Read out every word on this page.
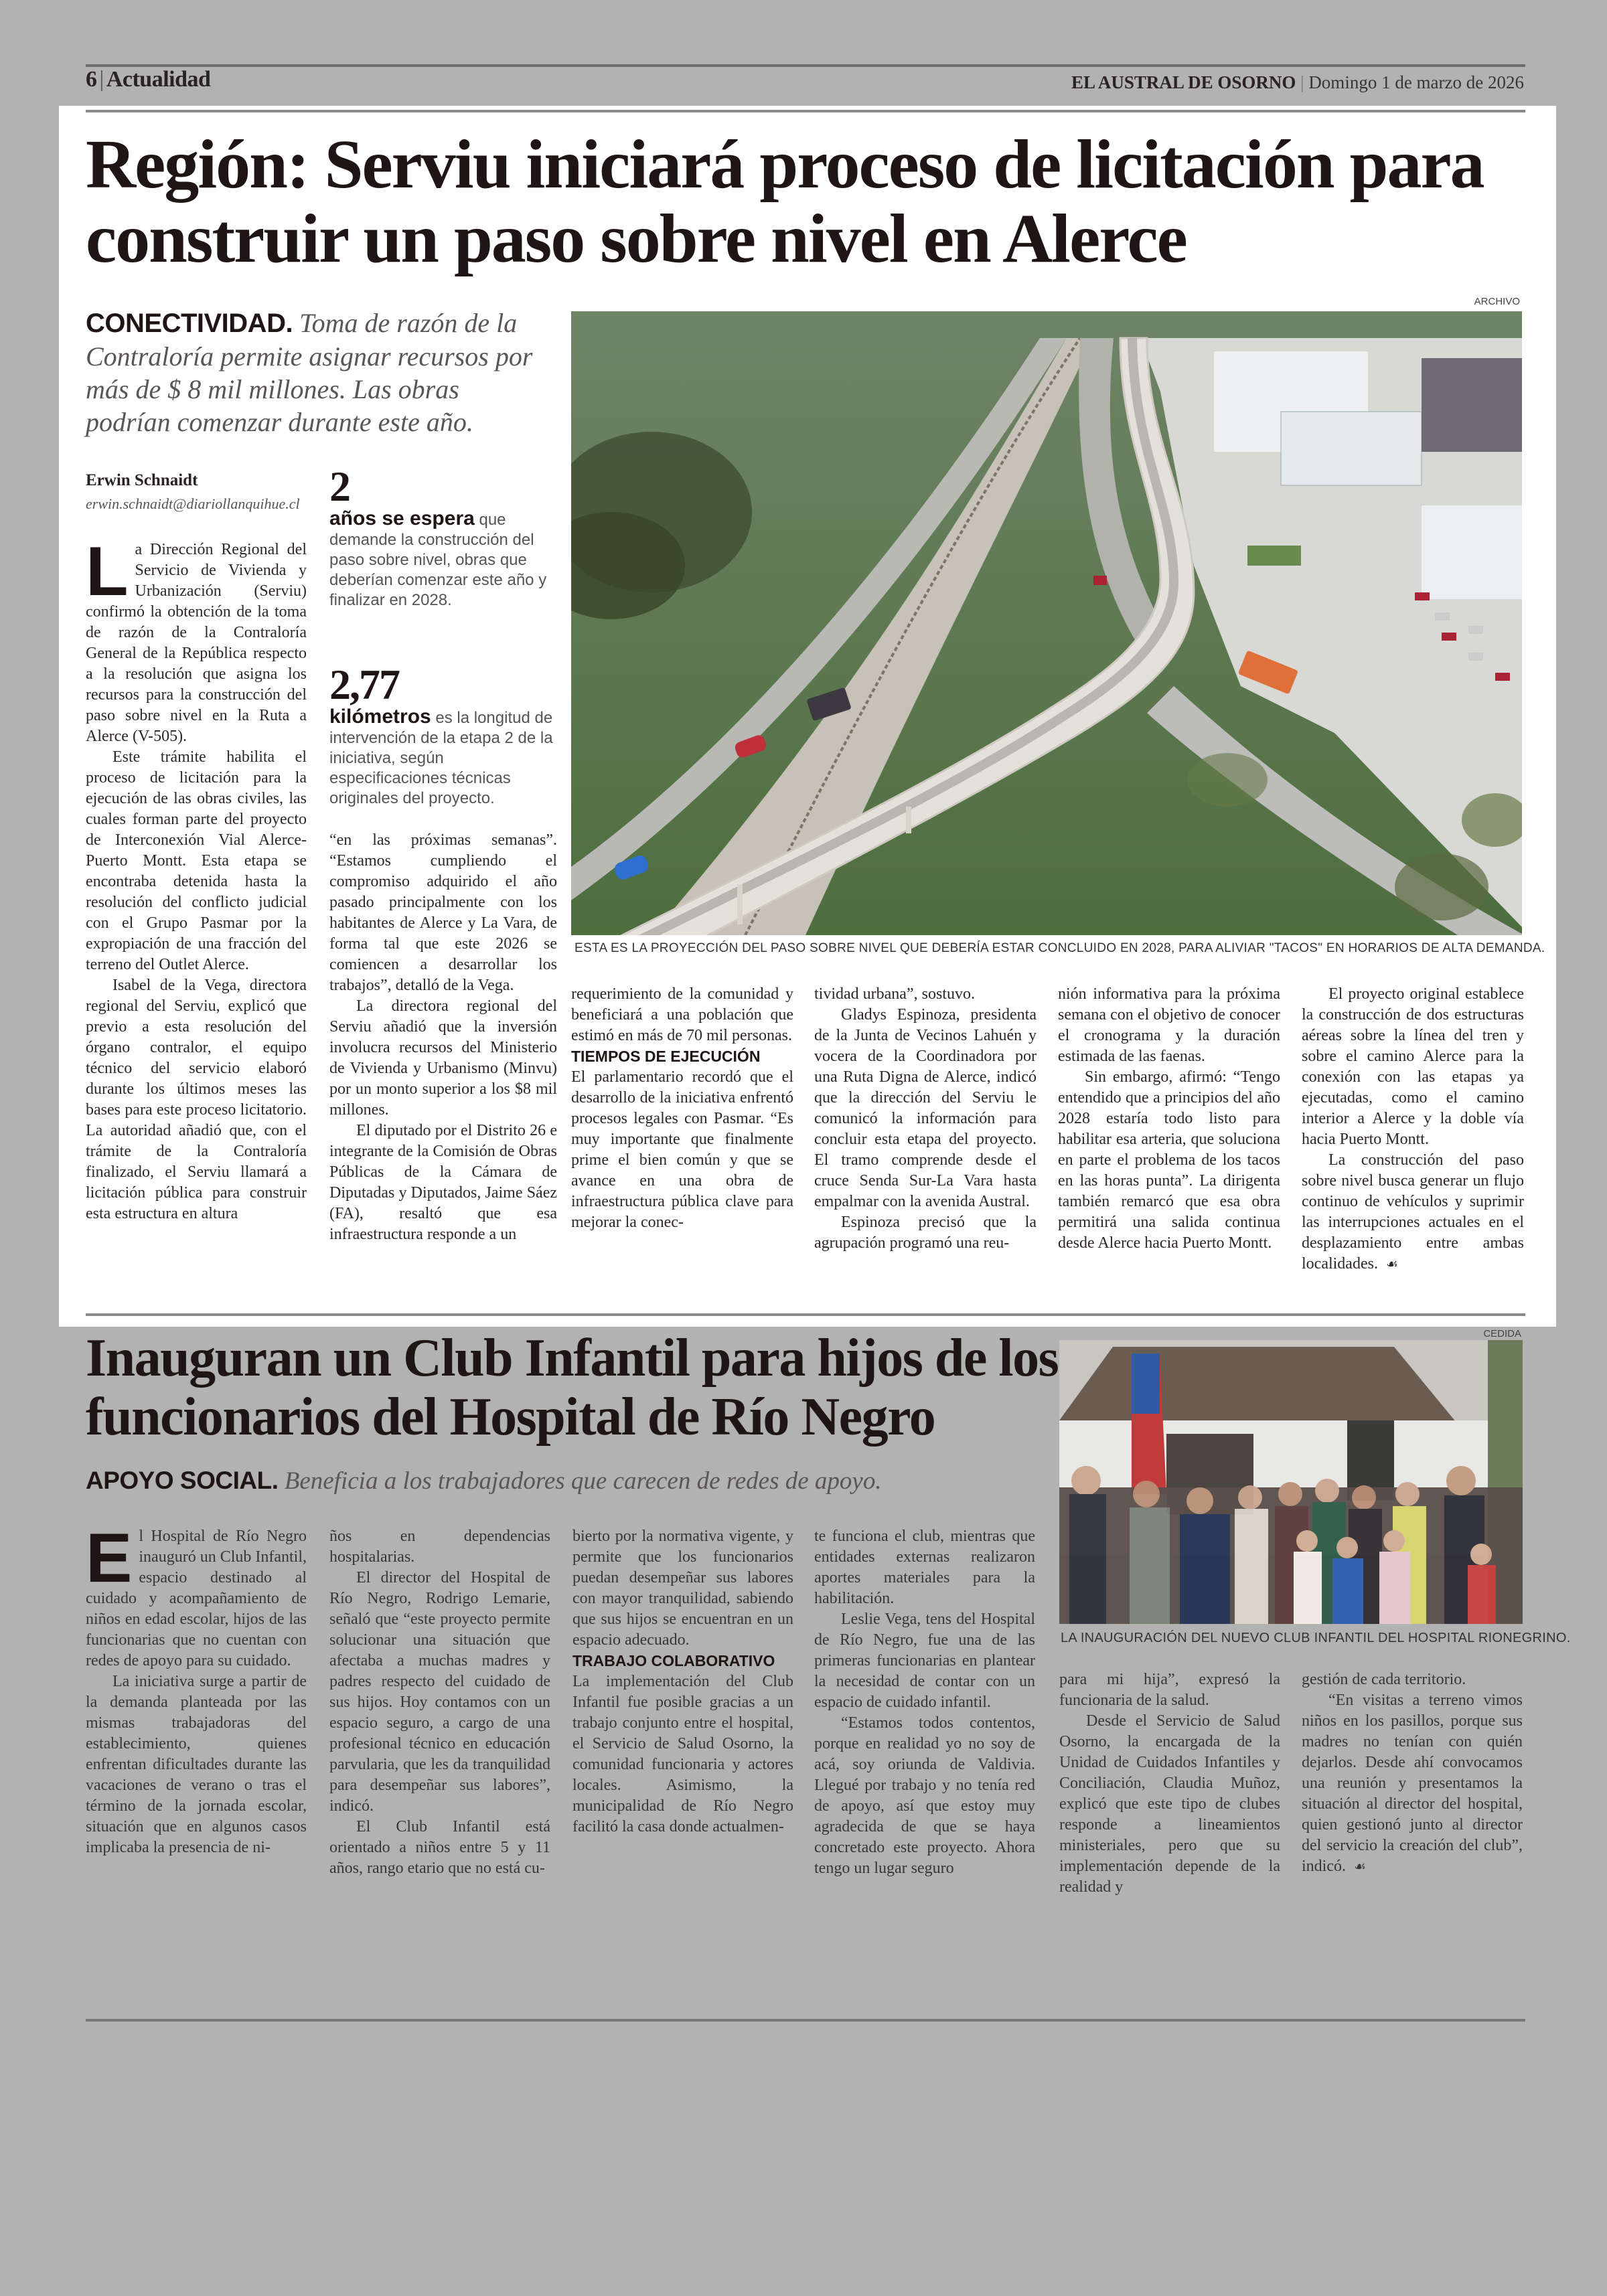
6 | Actualidad	EL AUSTRAL DE OSORNO | Domingo 1 de marzo de 2026
Región: Serviu iniciará proceso de licitación para construir un paso sobre nivel en Alerce
CONECTIVIDAD. Toma de razón de la Contraloría permite asignar recursos por más de $ 8 mil millones. Las obras podrían comenzar durante este año.
Erwin Schnaidt
erwin.schnaidt@diariollanquihue.cl

La Dirección Regional del Servicio de Vivienda y Urbanización (Serviu) confirmó la obtención de la toma de razón de la Contraloría General de la República respecto a la resolución que asigna los recursos para la construcción del paso sobre nivel en la Ruta a Alerce (V-505).

Este trámite habilita el proceso de licitación para la ejecución de las obras civiles, las cuales forman parte del proyecto de Interconexión Vial Alerce-Puerto Montt. Esta etapa se encontraba detenida hasta la resolución del conflicto judicial con el Grupo Pasmar por la expropiación de una fracción del terreno del Outlet Alerce.

Isabel de la Vega, directora regional del Serviu, explicó que previo a esta resolución del órgano contralor, el equipo técnico del servicio elaboró durante los últimos meses las bases para este proceso licitatorio. La autoridad añadió que, con el trámite de la Contraloría finalizado, el Serviu llamará a licitación pública para construir esta estructura en altura

2
años se espera que demande la construcción del paso sobre nivel, obras que deberían comenzar este año y finalizar en 2028.
2,77
kilómetros es la longitud de intervención de la etapa 2 de la iniciativa, según especificaciones técnicas originales del proyecto.

“en las próximas semanas”. “Estamos cumpliendo el compromiso adquirido el año pasado principalmente con los habitantes de Alerce y La Vara, de forma tal que este 2026 se comiencen a desarrollar los trabajos”, detalló de la Vega.

La directora regional del Serviu añadió que la inversión involucra recursos del Ministerio de Vivienda y Urbanismo (Minvu) por un monto superior a los $8 mil millones.

El diputado por el Distrito 26 e integrante de la Comisión de Obras Públicas de la Cámara de Diputadas y Diputados, Jaime Sáez (FA), resaltó que esa infraestructura responde a un

ARCHIVO
ESTA ES LA PROYECCIÓN DEL PASO SOBRE NIVEL QUE DEBERÍA ESTAR CONCLUIDO EN 2028, PARA ALIVIAR "TACOS" EN HORARIOS DE ALTA DEMANDA.

requerimiento de la comunidad y beneficiará a una población que estimó en más de 70 mil personas.

TIEMPOS DE EJECUCIÓN

El parlamentario recordó que el desarrollo de la iniciativa enfrentó procesos legales con Pasmar. “Es muy importante que finalmente prime el bien común y que se avance en una obra de infraestructura pública clave para mejorar la conec-

tividad urbana”, sostuvo.

Gladys Espinoza, presidenta de la Junta de Vecinos Lahuén y vocera de la Coordinadora por una Ruta Digna de Alerce, indicó que la dirección del Serviu le comunicó la información para concluir esta etapa del proyecto. El tramo comprende desde el cruce Senda Sur-La Vara hasta empalmar con la avenida Austral.

Espinoza precisó que la agrupación programó una reu-

nión informativa para la próxima semana con el objetivo de conocer el cronograma y la duración estimada de las faenas.

Sin embargo, afirmó: “Tengo entendido que a principios del año 2028 estaría todo listo para habilitar esa arteria, que soluciona en parte el problema de los tacos en las horas punta”. La dirigenta también remarcó que esa obra permitirá una salida continua desde Alerce hacia Puerto Montt.

El proyecto original establece la construcción de dos estructuras aéreas sobre la línea del tren y sobre el camino Alerce para la conexión con las etapas ya ejecutadas, como el camino interior a Alerce y la doble vía hacia Puerto Montt.

La construcción del paso sobre nivel busca generar un flujo continuo de vehículos y suprimir las interrupciones actuales en el desplazamiento entre ambas localidades. ☙

Inauguran un Club Infantil para hijos de los funcionarios del Hospital de Río Negro
APOYO SOCIAL. Beneficia a los trabajadores que carecen de redes de apoyo.

El Hospital de Río Negro inauguró un Club Infantil, espacio destinado al cuidado y acompañamiento de niños en edad escolar, hijos de las funcionarias que no cuentan con redes de apoyo para su cuidado.

La iniciativa surge a partir de la demanda planteada por las mismas trabajadoras del establecimiento, quienes enfrentan dificultades durante las vacaciones de verano o tras el término de la jornada escolar, situación que en algunos casos implicaba la presencia de ni-

ños en dependencias hospitalarias.

El director del Hospital de Río Negro, Rodrigo Lemarie, señaló que “este proyecto permite solucionar una situación que afectaba a muchas madres y padres respecto del cuidado de sus hijos. Hoy contamos con un espacio seguro, a cargo de una profesional técnico en educación parvularia, que les da tranquilidad para desempeñar sus labores”, indicó.

El Club Infantil está orientado a niños entre 5 y 11 años, rango etario que no está cu-

bierto por la normativa vigente, y permite que los funcionarios puedan desempeñar sus labores con mayor tranquilidad, sabiendo que sus hijos se encuentran en un espacio adecuado.

TRABAJO COLABORATIVO

La implementación del Club Infantil fue posible gracias a un trabajo conjunto entre el hospital, el Servicio de Salud Osorno, la comunidad funcionaria y actores locales. Asimismo, la municipalidad de Río Negro facilitó la casa donde actualmen-

te funciona el club, mientras que entidades externas realizaron aportes materiales para la habilitación.

Leslie Vega, tens del Hospital de Río Negro, fue una de las primeras funcionarias en plantear la necesidad de contar con un espacio de cuidado infantil.

“Estamos todos contentos, porque en realidad yo no soy de acá, soy oriunda de Valdivia. Llegué por trabajo y no tenía red de apoyo, así que estoy muy agradecida de que se haya concretado este proyecto. Ahora tengo un lugar seguro

CEDIDA
LA INAUGURACIÓN DEL NUEVO CLUB INFANTIL DEL HOSPITAL RIONEGRINO.

para mi hija”, expresó la funcionaria de la salud.

Desde el Servicio de Salud Osorno, la encargada de la Unidad de Cuidados Infantiles y Conciliación, Claudia Muñoz, explicó que este tipo de clubes responde a lineamientos ministeriales, pero que su implementación depende de la realidad y

gestión de cada territorio.

“En visitas a terreno vimos niños en los pasillos, porque sus madres no tenían con quién dejarlos. Desde ahí convocamos una reunión y presentamos la situación al director del hospital, quien gestionó junto al director del servicio la creación del club”, indicó. ☙
